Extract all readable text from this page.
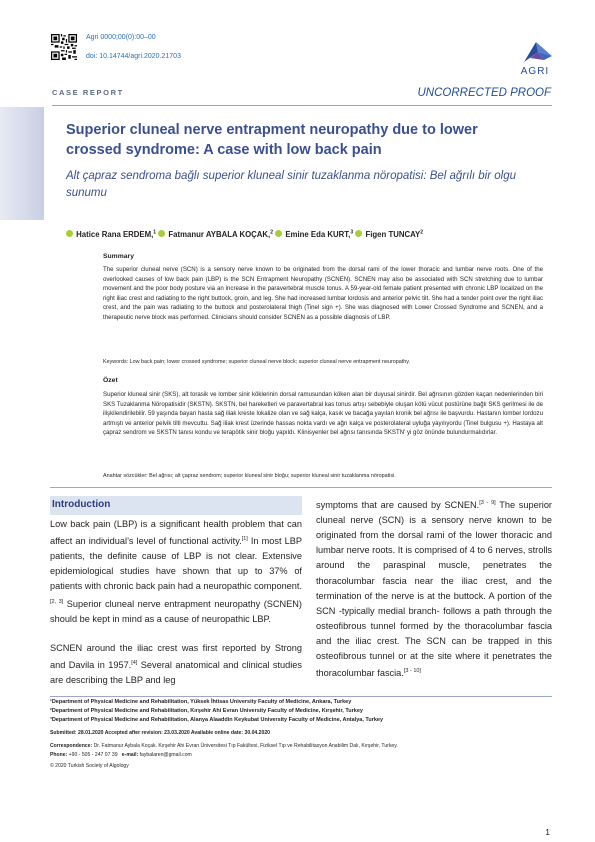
Agri 0000;00(0):00–00
doi: 10.14744/agri.2020.21703
AGRI
CASE REPORT	UNCORRECTED PROOF
Superior cluneal nerve entrapment neuropathy due to lower crossed syndrome: A case with low back pain
Alt çapraz sendroma bağlı superior kluneal sinir tuzaklanma nöropatisi: Bel ağrılı bir olgu sunumu
Hatice Rana ERDEM,$^1$ Fatmanur AYBALA KOÇAK,$^2$ Emine Eda KURT,$^3$ Figen TUNCAY$^2$
Summary

The superior cluneal nerve (SCN) is a sensory nerve known to be originated from the dorsal rami of the lower thoracic and lumbar nerve roots. One of the overlooked causes of low back pain (LBP) is the SCN Entrapment Neuropathy (SCNEN). SCNEN may also be associated with SCN stretching due to lumbar movement and the poor body posture via an increase in the paravertebral muscle tonus. A 59-year-old female patient presented with chronic LBP localized on the right iliac crest and radiating to the right buttock, groin, and leg. She had increased lumbar lordosis and anterior pelvic tilt. She had a tender point over the right iliac crest, and the pain was radiating to the buttock and posterolateral thigh (Tinel sign +). She was diagnosed with Lower Crossed Syndrome and SCNEN, and a therapeutic nerve block was performed. Clinicians should consider SCNEN as a possible diagnosis of LBP.

Keywords: Low back pain; lower crossed syndrome; superior cluneal nerve block; superior cluneal nerve entrapment neuropathy.
Özet

Superior kluneal sinir (SKS), alt torasik ve lomber sinir köklerinin dorsal ramusundan köken alan bir duyusal sinirdir. Bel ağrısının gözden kaçan nedenlerinden biri SKS Tuzaklanma Nöropatisidir (SKSTN). SKSTN, bel hareketleri ve paravertabral kas tonus artışı sebebiyle oluşan kötü vücut postürüne bağlı SKS gerilmesi ile de ilişkilendirilebilir. 59 yaşında bayan hasta sağ iliak kreste lokalize olan ve sağ kalça, kasık ve bacağa yayılan kronik bel ağrısı ile başvurdu. Hastanın lomber lordozu artmıştı ve anterior pelvik tilti mevcuttu. Sağ iliak krest üzerinde hassas nokta vardı ve ağrı kalça ve posterolateral uyluğa yayılıyordu (Tinel bulgusu +). Hastaya alt çapraz sendrom ve SKSTN tanısı kondu ve terapötik sinir bloğu yapıldı. Klinisyenler bel ağrısı tanısında SKSTN' yi göz önünde bulundurmalıdırlar.

Anahtar sözcükler: Bel ağrısı; alt çapraz sendrom; superior kluneal sinir bloğu; superior kluneal sinir tuzaklanma nöropatisi.
Introduction
Low back pain (LBP) is a significant health problem that can affect an individual’s level of functional activity.[1] In most LBP patients, the definite cause of LBP is not clear. Extensive epidemiological studies have shown that up to 37% of patients with chronic back pain had a neuropathic component.[2, 3] Superior cluneal nerve entrapment neuropathy (SCNEN) should be kept in mind as a cause of neuropathic LBP.
SCNEN around the iliac crest was first reported by Strong and Davila in 1957.[4] Several anatomical and clinical studies are describing the LBP and leg
symptoms that are caused by SCNEN.[3 - 9] The superior cluneal nerve (SCN) is a sensory nerve known to be originated from the dorsal rami of the lower thoracic and lumbar nerve roots. It is comprised of 4 to 6 nerves, strolls around the paraspinal muscle, penetrates the thoracolumbar fascia near the iliac crest, and the termination of the nerve is at the buttock. A portion of the SCN -typically medial branch- follows a path through the osteofibrous tunnel formed by the thoracolumbar fascia and the iliac crest. The SCN can be trapped in this osteofibrous tunnel or at the site where it penetrates the thoracolumbar fascia.[3 - 10]
¹Department of Physical Medicine and Rehabilitation, Yüksek İhtisas University Faculty of Medicine, Ankara, Turkey
²Department of Physical Medicine and Rehabilitation, Kırşehir Ahi Evran University Faculty of Medicine, Kırşehir, Turkey
³Department of Physical Medicine and Rehabilitation, Alanya Alaaddin Keykubat University Faculty of Medicine, Antalya, Turkey
Submitted: 28.01.2020 Accepted after revision: 23.03.2020 Available online date: 30.04.2020
Correspondence: Dr. Fatmanur Aybala Koçak. Kırşehir Ahi Evran Üniversitesi Tıp Fakültesi, Fiziksel Tıp ve Rehabilitasyon Anabilim Dalı, Kırşehir, Turkey.
Phone: +90 - 505 - 247 07 39 e-mail: faybalaren@gmail.com
© 2020 Turkish Society of Algology
1
